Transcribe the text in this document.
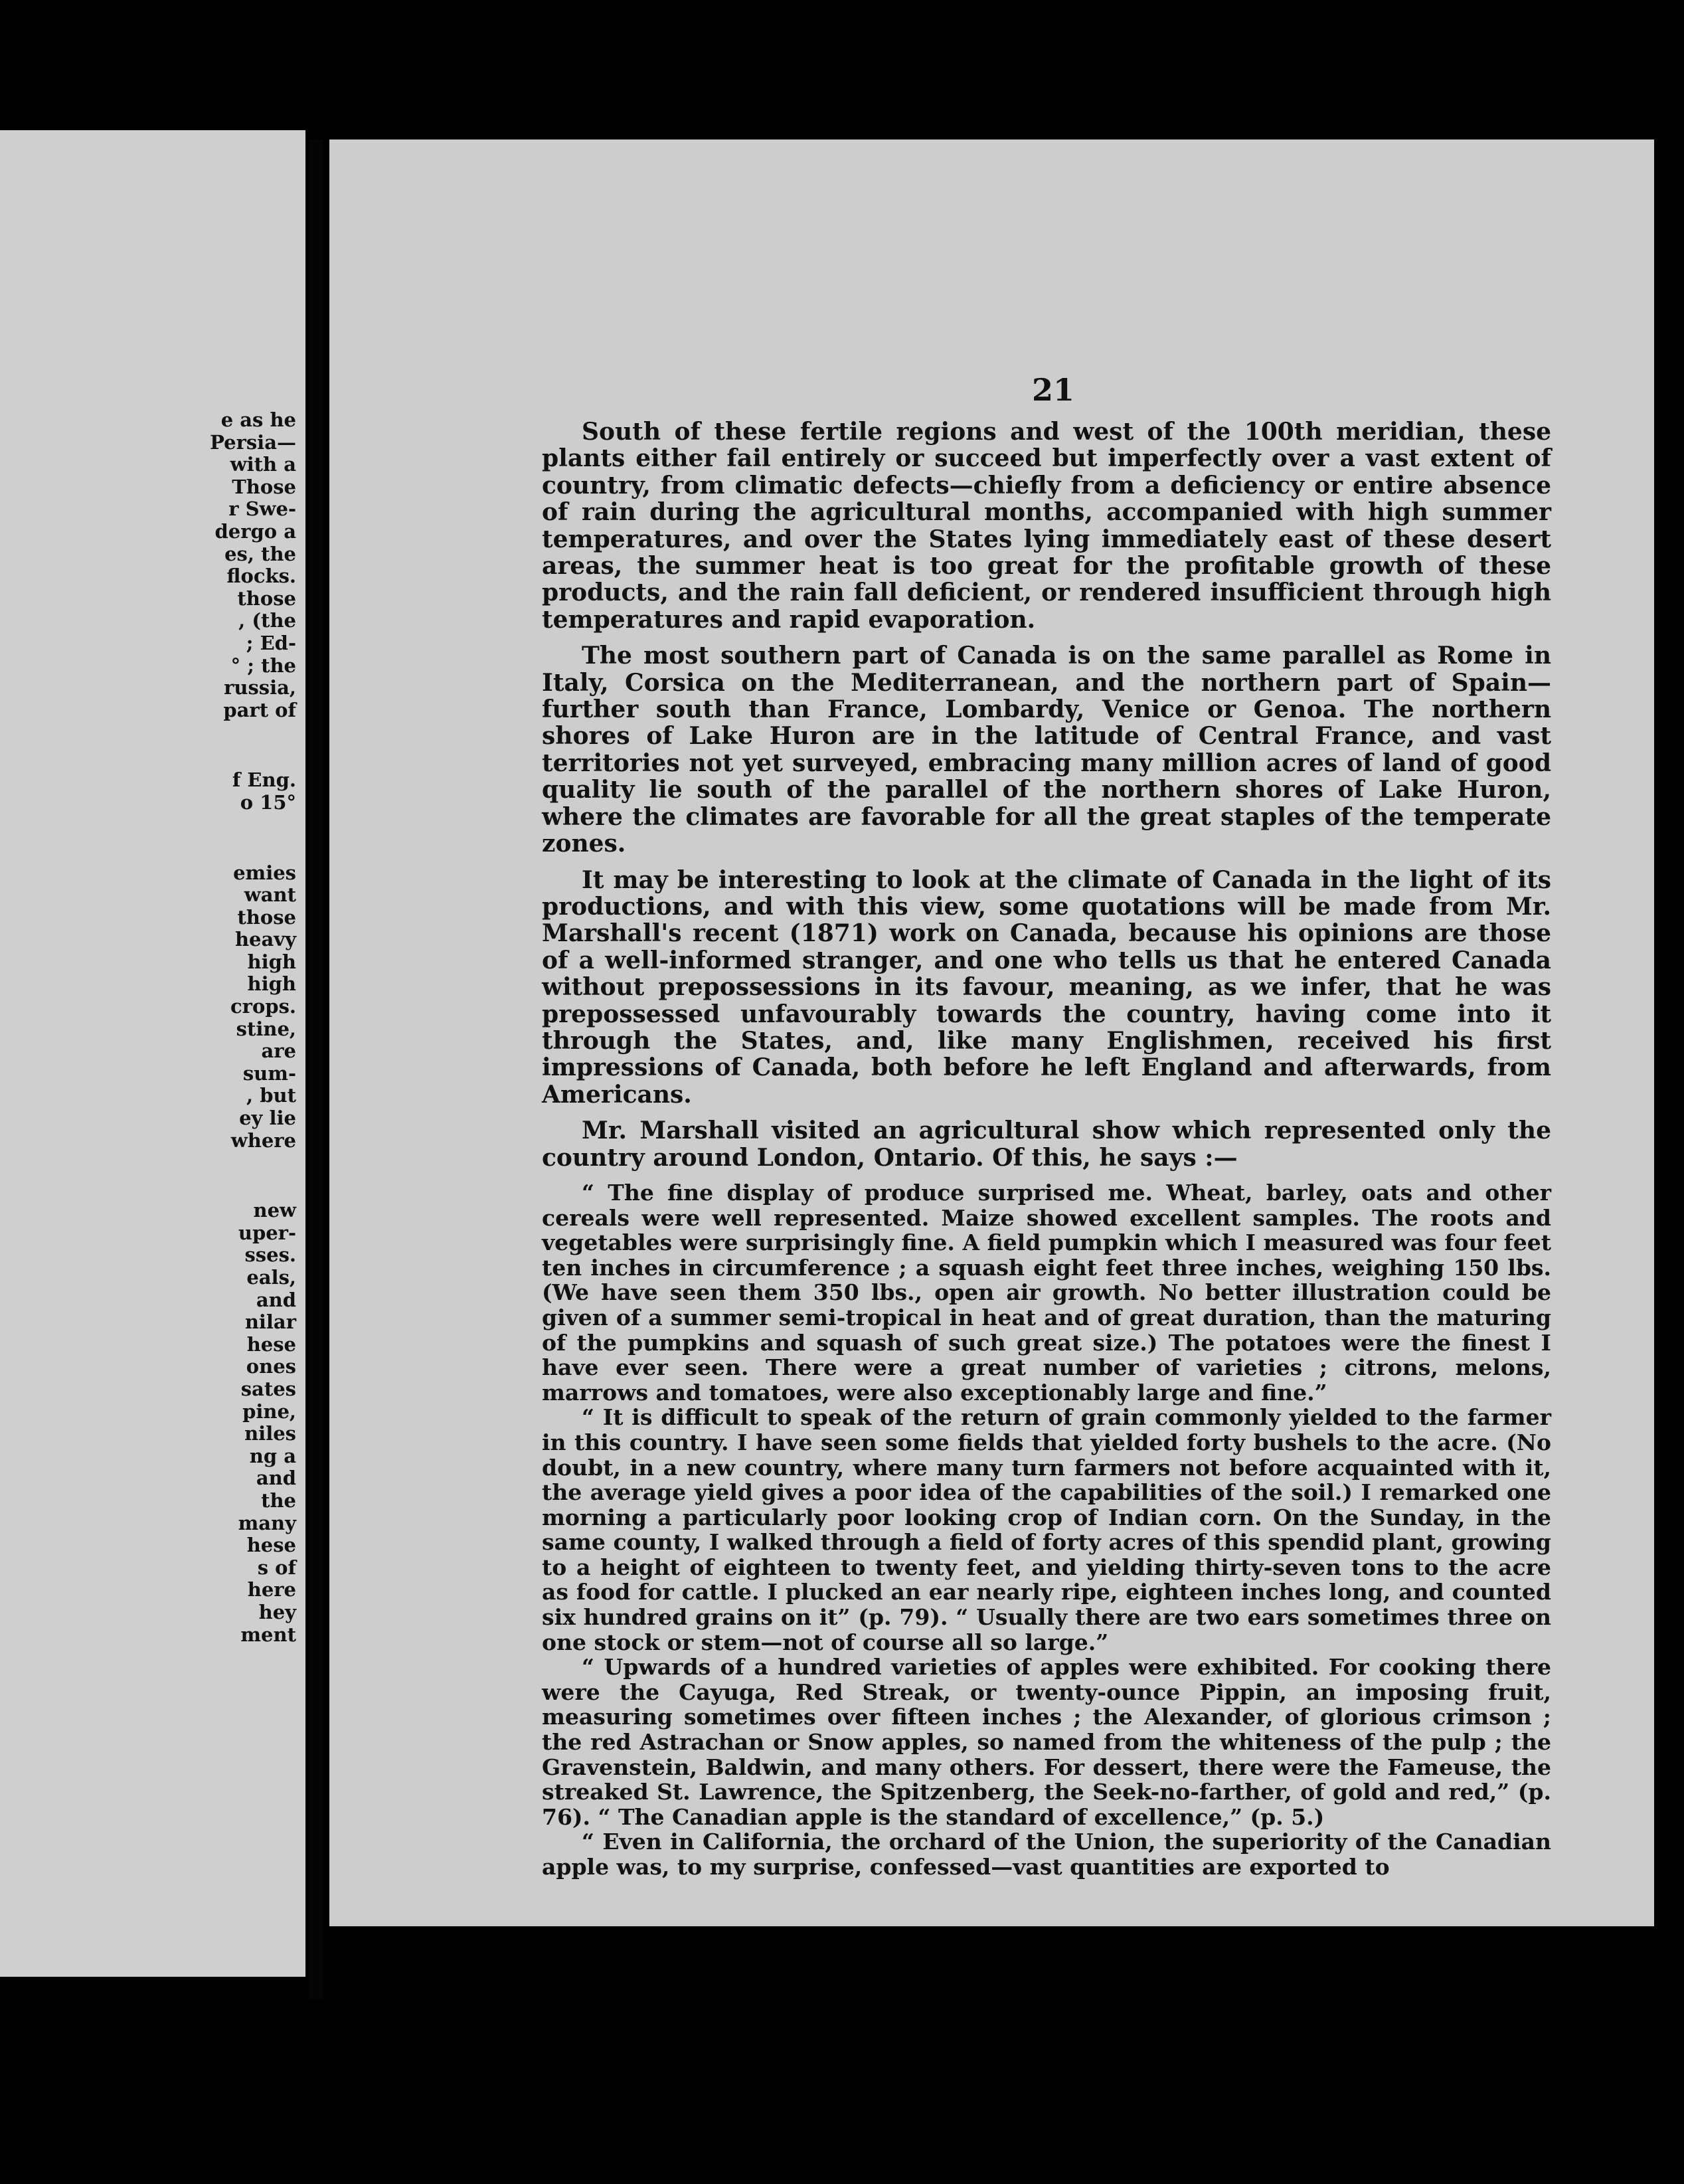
e as he
Persia—
with a
Those
r Swe-
dergo a
es, the
flocks.
those
, (the
; Ed-
° ; the
russia,
part of
f Eng.
o 15°
emies
want
those
heavy
high
high
crops.
stine,
are
sum-
, but
ey lie
where
new
uper-
sses.
eals,
and
nilar
hese
ones
sates
pine,
niles
ng a
and
the
many
hese
s of
here
hey
ment
21

South of these fertile regions and west of the 100th meridian, these plants either fail entirely or succeed but imperfectly over a vast extent of country, from climatic defects—chiefly from a deficiency or entire absence of rain during the agricultural months, accompanied with high summer temperatures, and over the States lying immediately east of these desert areas, the summer heat is too great for the profitable growth of these products, and the rain fall deficient, or rendered insufficient through high temperatures and rapid evaporation.

The most southern part of Canada is on the same parallel as Rome in Italy, Corsica on the Mediterranean, and the northern part of Spain—further south than France, Lombardy, Venice or Genoa. The northern shores of Lake Huron are in the latitude of Central France, and vast territories not yet surveyed, embracing many million acres of land of good quality lie south of the parallel of the northern shores of Lake Huron, where the climates are favorable for all the great staples of the temperate zones.

It may be interesting to look at the climate of Canada in the light of its productions, and with this view, some quotations will be made from Mr. Marshall's recent (1871) work on Canada, because his opinions are those of a well-informed stranger, and one who tells us that he entered Canada without prepossessions in its favour, meaning, as we infer, that he was prepossessed unfavourably towards the country, having come into it through the States, and, like many Englishmen, received his first impressions of Canada, both before he left England and afterwards, from Americans.

Mr. Marshall visited an agricultural show which represented only the country around London, Ontario. Of this, he says :—

“ The fine display of produce surprised me. Wheat, barley, oats and other cereals were well represented. Maize showed excellent samples. The roots and vegetables were surprisingly fine. A field pumpkin which I measured was four feet ten inches in circumference ; a squash eight feet three inches, weighing 150 lbs. (We have seen them 350 lbs., open air growth. No better illustration could be given of a summer semi-tropical in heat and of great duration, than the maturing of the pumpkins and squash of such great size.) The potatoes were the finest I have ever seen. There were a great number of varieties ; citrons, melons, marrows and tomatoes, were also exceptionably large and fine.”

“ It is difficult to speak of the return of grain commonly yielded to the farmer in this country. I have seen some fields that yielded forty bushels to the acre. (No doubt, in a new country, where many turn farmers not before acquainted with it, the average yield gives a poor idea of the capabilities of the soil.) I remarked one morning a particularly poor looking crop of Indian corn. On the Sunday, in the same county, I walked through a field of forty acres of this spendid plant, growing to a height of eighteen to twenty feet, and yielding thirty-seven tons to the acre as food for cattle. I plucked an ear nearly ripe, eighteen inches long, and counted six hundred grains on it” (p. 79). “ Usually there are two ears sometimes three on one stock or stem—not of course all so large.”

“ Upwards of a hundred varieties of apples were exhibited. For cooking there were the Cayuga, Red Streak, or twenty-ounce Pippin, an imposing fruit, measuring sometimes over fifteen inches ; the Alexander, of glorious crimson ; the red Astrachan or Snow apples, so named from the whiteness of the pulp ; the Gravenstein, Baldwin, and many others. For dessert, there were the Fameuse, the streaked St. Lawrence, the Spitzenberg, the Seek-no-farther, of gold and red,” (p. 76). “ The Canadian apple is the standard of excellence,” (p. 5.)

“ Even in California, the orchard of the Union, the superiority of the Canadian apple was, to my surprise, confessed—vast quantities are exported to
